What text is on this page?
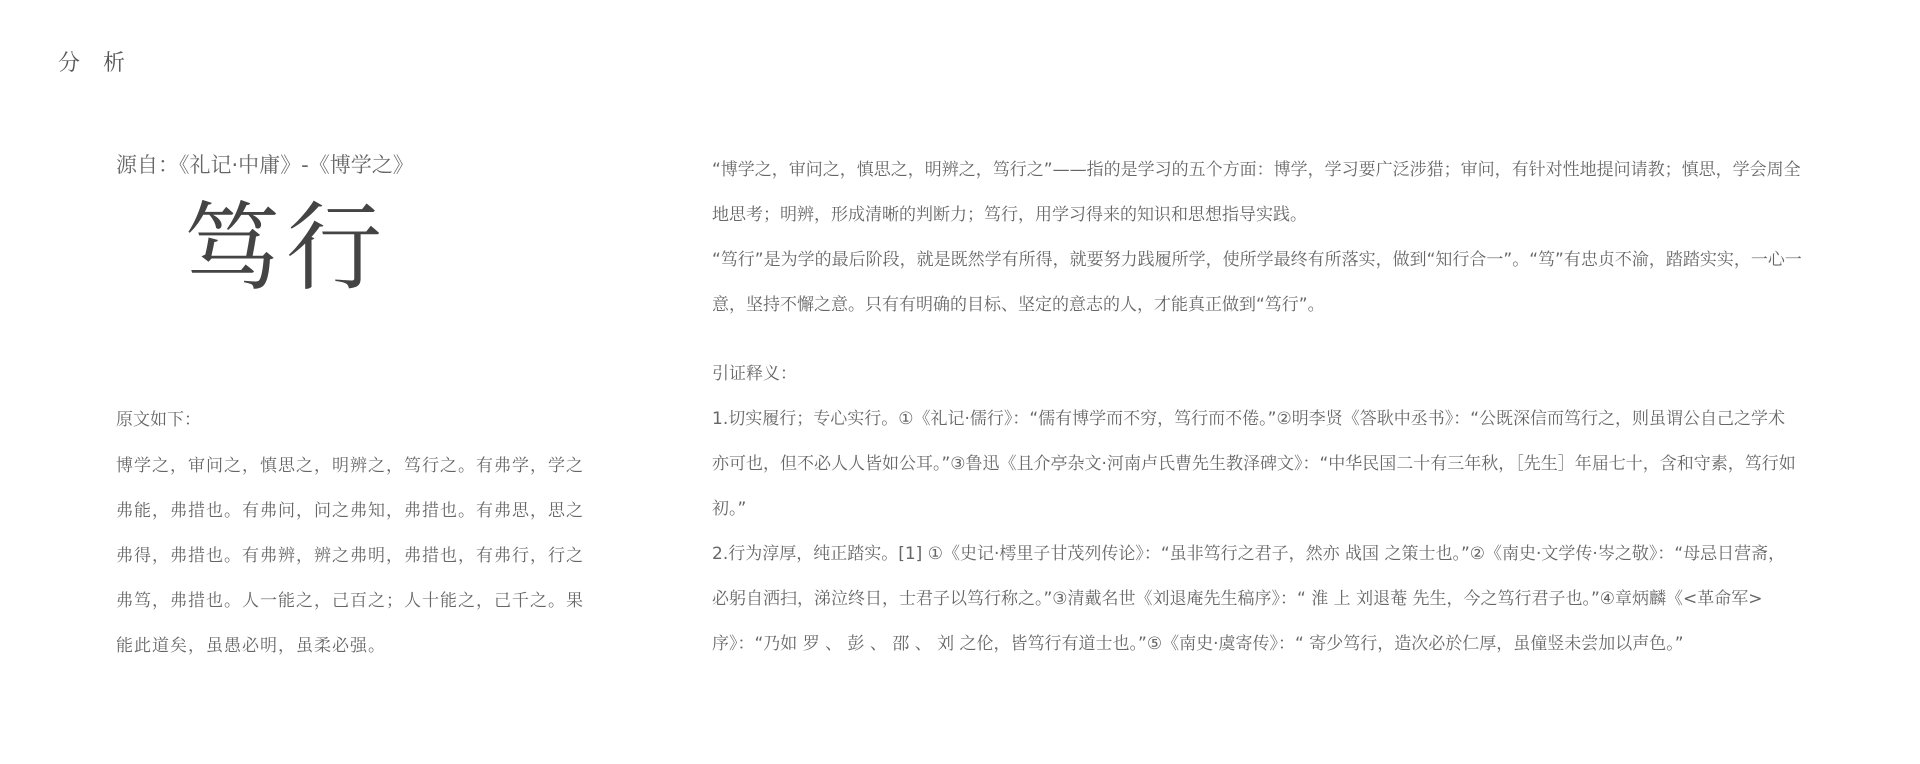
分 析
源自：《礼记·中庸》-《博学之》
笃行
原文如下：
博学之，审问之，慎思之，明辨之，笃行之。有弗学，学之弗能，弗措也。有弗问，问之弗知，弗措也。有弗思，思之弗得，弗措也。有弗辨，辨之弗明，弗措也，有弗行，行之弗笃，弗措也。人一能之，己百之；人十能之，己千之。果能此道矣，虽愚必明，虽柔必强。

“博学之，审问之，慎思之，明辨之，笃行之”——指的是学习的五个方面：博学，学习要广泛涉猎；审问，有针对性地提问请教；慎思，学会周全地思考；明辨，形成清晰的判断力；笃行，用学习得来的知识和思想指导实践。

“笃行”是为学的最后阶段，就是既然学有所得，就要努力践履所学，使所学最终有所落实，做到“知行合一”。“笃”有忠贞不渝，踏踏实实，一心一意，坚持不懈之意。只有有明确的目标、坚定的意志的人，才能真正做到“笃行”。

引证释义：

1.切实履行；专心实行。①《礼记·儒行》：“儒有博学而不穷，笃行而不倦。”②明李贤《答耿中丞书》：“公既深信而笃行之，则虽谓公自己之学术亦可也，但不必人人皆如公耳。”③鲁迅《且介亭杂文·河南卢氏曹先生教泽碑文》：“中华民国二十有三年秋，［先生］年届七十，含和守素，笃行如初。”

2.行为淳厚，纯正踏实。[1] ①《史记·樗里子甘茂列传论》：“虽非笃行之君子，然亦 战国 之策士也。”②《南史·文学传·岑之敬》：“母忌日营斋，必躬自洒扫，涕泣终日，士君子以笃行称之。”③清戴名世《刘退庵先生稿序》：“ 淮 上 刘退菴 先生，今之笃行君子也。”④章炳麟《<革命军>序》：“乃如 罗 、 彭 、 邵 、 刘 之伦，皆笃行有道士也。”⑤《南史·虞寄传》：“ 寄少笃行，造次必於仁厚，虽僮竖未尝加以声色。”
